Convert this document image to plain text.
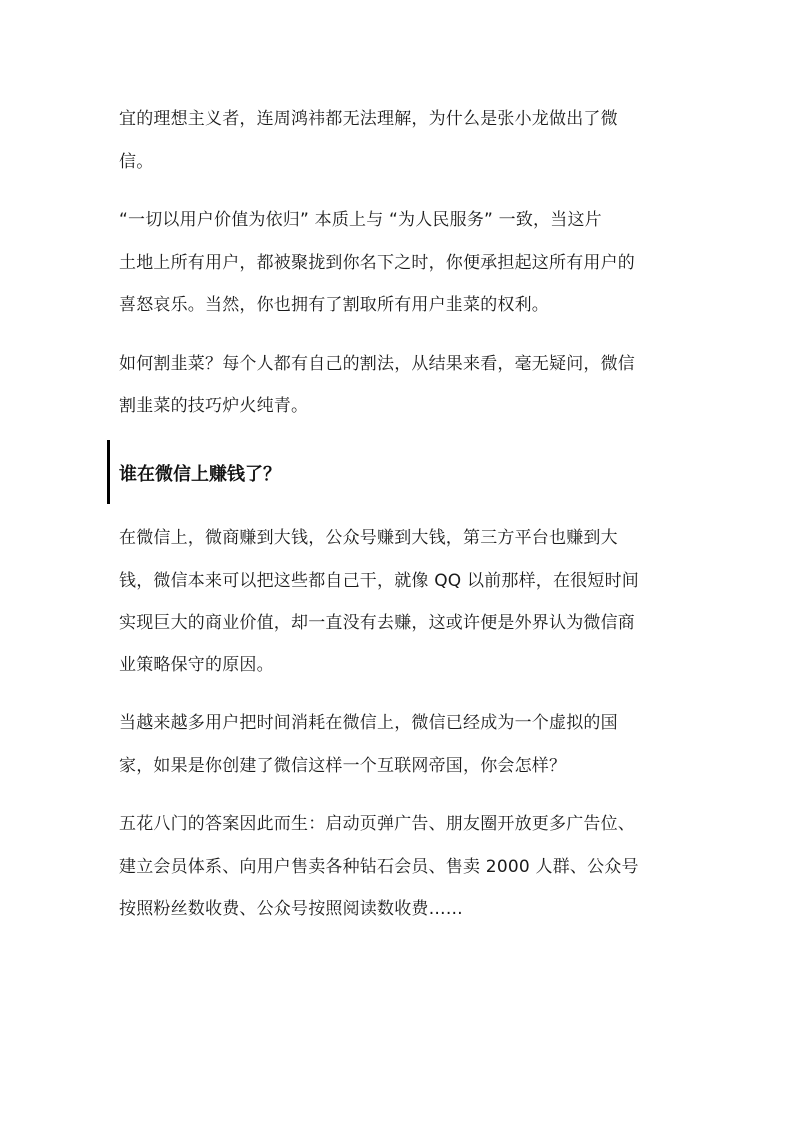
宜的理想主义者，连周鸿祎都无法理解，为什么是张小龙做出了微
信。
“一切以用户价值为依归” 本质上与 “为人民服务” 一致，当这片
土地上所有用户，都被聚拢到你名下之时，你便承担起这所有用户的
喜怒哀乐。当然，你也拥有了割取所有用户韭菜的权利。
如何割韭菜？每个人都有自己的割法，从结果来看，毫无疑问，微信
割韭菜的技巧炉火纯青。
谁在微信上赚钱了？
在微信上，微商赚到大钱，公众号赚到大钱，第三方平台也赚到大
钱，微信本来可以把这些都自己干，就像 QQ 以前那样，在很短时间
实现巨大的商业价值，却一直没有去赚，这或许便是外界认为微信商
业策略保守的原因。
当越来越多用户把时间消耗在微信上，微信已经成为一个虚拟的国
家，如果是你创建了微信这样一个互联网帝国，你会怎样？
五花八门的答案因此而生：启动页弹广告、朋友圈开放更多广告位、
建立会员体系、向用户售卖各种钻石会员、售卖 2000 人群、公众号
按照粉丝数收费、公众号按照阅读数收费……
